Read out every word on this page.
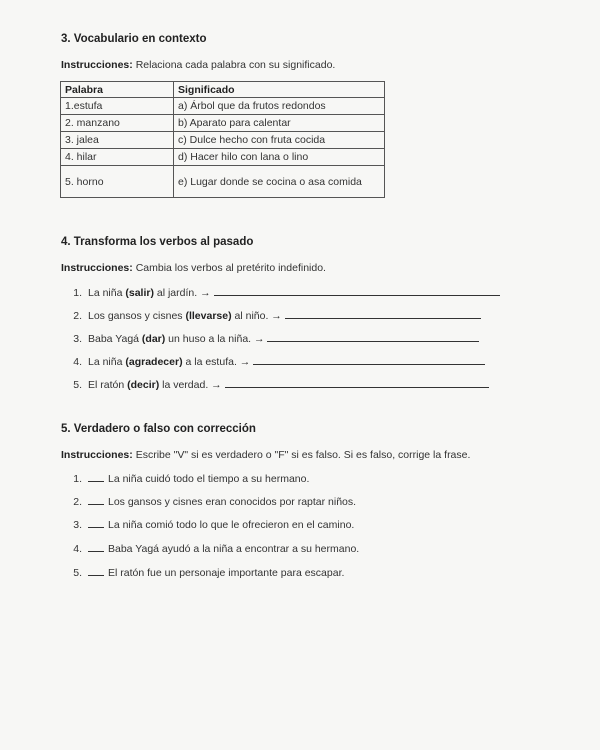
3. Vocabulario en contexto
Instrucciones: Relaciona cada palabra con su significado.
Palabra	Significado
1.estufa	a) Árbol que da frutos redondos
2. manzano	b) Aparato para calentar
3. jalea	c) Dulce hecho con fruta cocida
4. hilar	d) Hacer hilo con lana o lino
5. horno	e) Lugar donde se cocina o asa comida
4. Transforma los verbos al pasado
Instrucciones: Cambia los verbos al pretérito indefinido.
1. La niña (salir) al jardín. →
2. Los gansos y cisnes (llevarse) al niño. →
3. Baba Yagá (dar) un huso a la niña. →
4. La niña (agradecer) a la estufa. →
5. El ratón (decir) la verdad. →
5. Verdadero o falso con corrección
Instrucciones: Escribe "V" si es verdadero o "F" si es falso. Si es falso, corrige la frase.
1. La niña cuidó todo el tiempo a su hermano.
2. Los gansos y cisnes eran conocidos por raptar niños.
3. La niña comió todo lo que le ofrecieron en el camino.
4. Baba Yagá ayudó a la niña a encontrar a su hermano.
5. El ratón fue un personaje importante para escapar.
